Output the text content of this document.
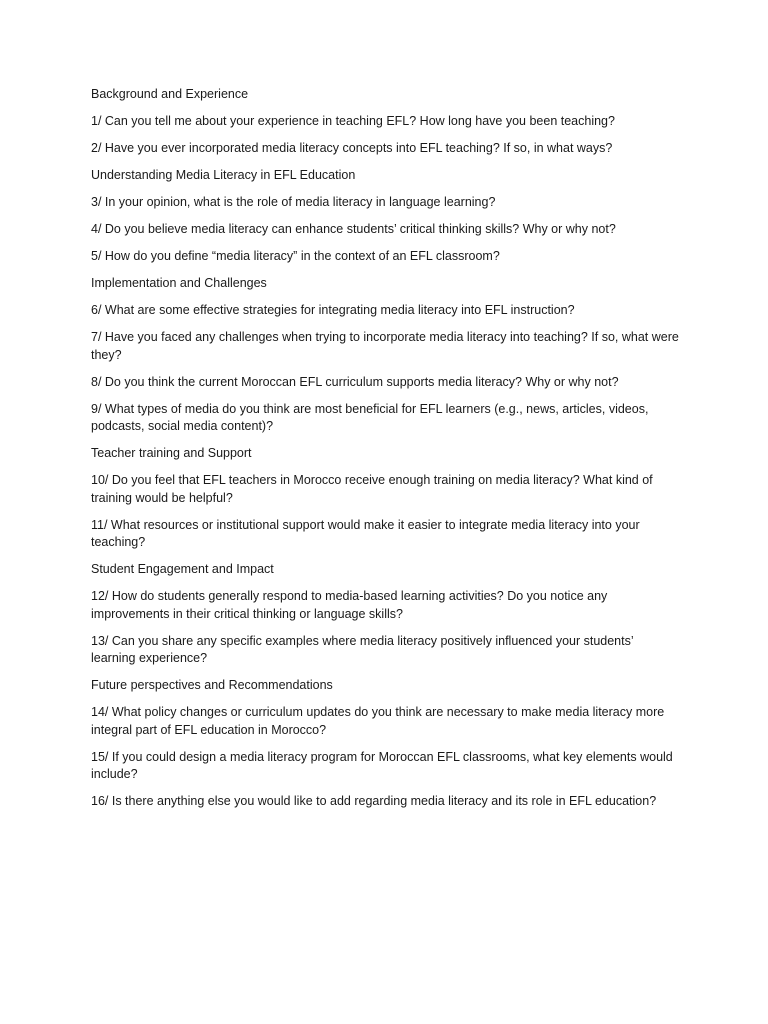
Background and Experience

1/ Can you tell me about your experience in teaching EFL? How long have you been teaching?

2/ Have you ever incorporated media literacy concepts into EFL teaching? If so, in what ways?

Understanding Media Literacy in EFL Education

3/ In your opinion, what is the role of media literacy in language learning?

4/ Do you believe media literacy can enhance students’ critical thinking skills? Why or why not?

5/ How do you define “media literacy” in the context of an EFL classroom?

Implementation and Challenges

6/ What are some effective strategies for integrating media literacy into EFL instruction?

7/ Have you faced any challenges when trying to incorporate media literacy into teaching? If so, what were they?

8/ Do you think the current Moroccan EFL curriculum supports media literacy? Why or why not?

9/ What types of media do you think are most beneficial for EFL learners (e.g., news, articles, videos, podcasts, social media content)?

Teacher training and Support

10/ Do you feel that EFL teachers in Morocco receive enough training on media literacy? What kind of training would be helpful?

11/ What resources or institutional support would make it easier to integrate media literacy into your teaching?

Student Engagement and Impact

12/ How do students generally respond to media-based learning activities? Do you notice any improvements in their critical thinking or language skills?

13/ Can you share any specific examples where media literacy positively influenced your students’ learning experience?

Future perspectives and Recommendations

14/ What policy changes or curriculum updates do you think are necessary to make media literacy more integral part of EFL education in Morocco?

15/ If you could design a media literacy program for Moroccan EFL classrooms, what key elements would include?

16/ Is there anything else you would like to add regarding media literacy and its role in EFL education?
